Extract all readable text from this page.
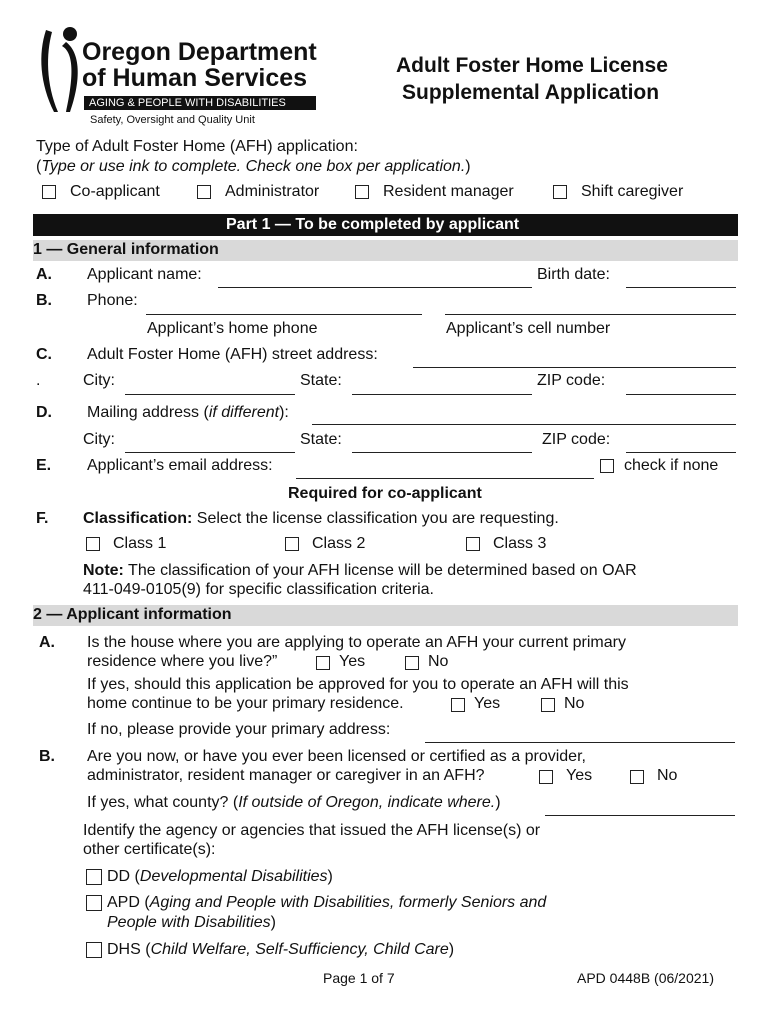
Oregon Department
of Human Services
AGING & PEOPLE WITH DISABILITIES
Safety, Oversight and Quality Unit
Adult Foster Home License
Supplemental Application
Type of Adult Foster Home (AFH) application:
(Type or use ink to complete. Check one box per application.)
Co-applicant	Administrator	Resident manager	Shift caregiver
Part 1 — To be completed by applicant
1 — General information
A. Applicant name:	Birth date:
B. Phone:
Applicant’s home phone	Applicant’s cell number
C. Adult Foster Home (AFH) street address:
.	City:	State:	ZIP code:
D. Mailing address (if different):
City:	State:	ZIP code:
E. Applicant’s email address:	check if none
Required for co-applicant
F. Classification: Select the license classification you are requesting.
Class 1	Class 2	Class 3
Note: The classification of your AFH license will be determined based on OAR
411-049-0105(9) for specific classification criteria.
2 — Applicant information
A. Is the house where you are applying to operate an AFH your current primary
residence where you live?”	Yes	No
If yes, should this application be approved for you to operate an AFH will this
home continue to be your primary residence.	Yes	No
If no, please provide your primary address:
B. Are you now, or have you ever been licensed or certified as a provider,
administrator, resident manager or caregiver in an AFH?	Yes	No
If yes, what county? (If outside of Oregon, indicate where.)
Identify the agency or agencies that issued the AFH license(s) or
other certificate(s):
DD (Developmental Disabilities)
APD (Aging and People with Disabilities, formerly Seniors and
People with Disabilities)
DHS (Child Welfare, Self-Sufficiency, Child Care)
Page 1 of 7	APD 0448B (06/2021)
